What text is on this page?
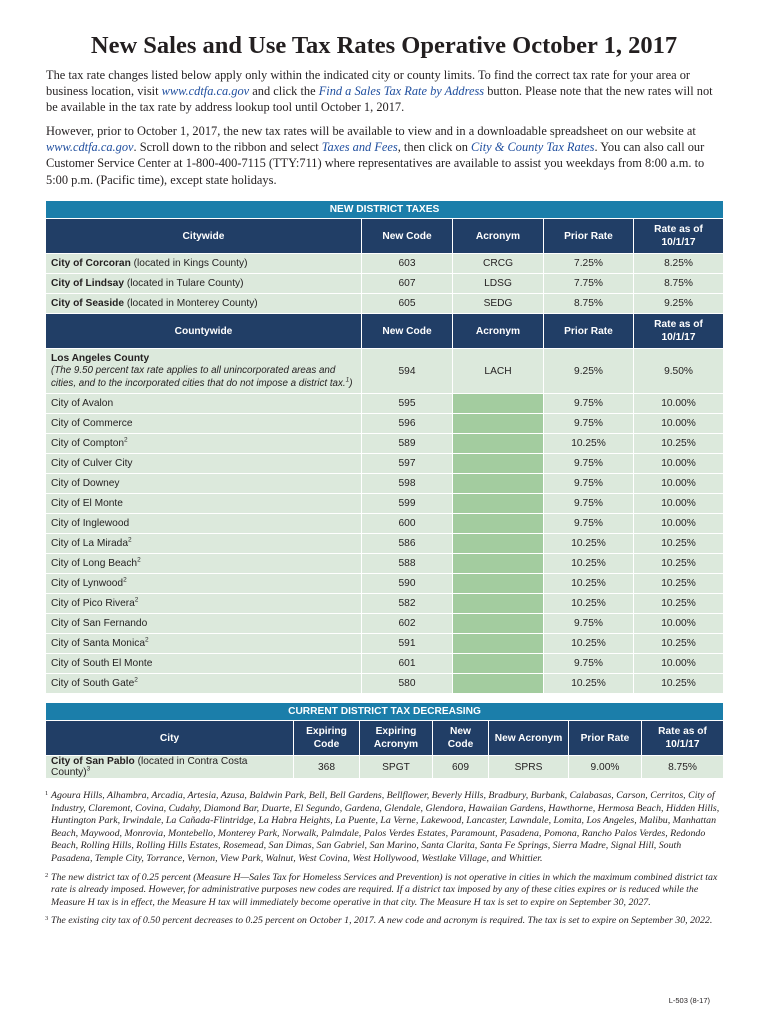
New Sales and Use Tax Rates Operative October 1, 2017

The tax rate changes listed below apply only within the indicated city or county limits. To find the correct tax rate for your area or business location, visit www.cdtfa.ca.gov and click the Find a Sales Tax Rate by Address button. Please note that the new rates will not be available in the tax rate by address lookup tool until October 1, 2017.

However, prior to October 1, 2017, the new tax rates will be available to view and in a downloadable spreadsheet on our website at www.cdtfa.ca.gov. Scroll down to the ribbon and select Taxes and Fees, then click on City & County Tax Rates. You can also call our Customer Service Center at 1-800-400-7115 (TTY:711) where representatives are available to assist you weekdays from 8:00 a.m. to 5:00 p.m. (Pacific time), except state holidays.

NEW DISTRICT TAXES				
Citywide	New Code	Acronym	Prior Rate	Rate as of 10/1/17
City of Corcoran (located in Kings County)	603	CRCG	7.25%	8.25%
City of Lindsay (located in Tulare County)	607	LDSG	7.75%	8.75%
City of Seaside (located in Monterey County)	605	SEDG	8.75%	9.25%
Countywide	New Code	Acronym	Prior Rate	Rate as of 10/1/17

Los Angeles County
(The 9.50 percent tax rate applies to all unincorporated areas and cities, and to the incorporated cities that do not impose a district tax.$^1$)	594	LACH	9.25%	9.50%
City of Avalon	595		9.75%	10.00%
City of Commerce	596		9.75%	10.00%
City of Compton$^2$	589		10.25%	10.25%
City of Culver City	597		9.75%	10.00%
City of Downey	598		9.75%	10.00%
City of El Monte	599		9.75%	10.00%
City of Inglewood	600		9.75%	10.00%
City of La Mirada$^2$	586		10.25%	10.25%
City of Long Beach$^2$	588		10.25%	10.25%
City of Lynwood$^2$	590		10.25%	10.25%
City of Pico Rivera$^2$	582		10.25%	10.25%
City of San Fernando	602		9.75%	10.00%
City of Santa Monica$^2$	591		10.25%	10.25%
City of South El Monte	601		9.75%	10.00%
City of South Gate$^2$	580		10.25%	10.25%
CURRENT DISTRICT TAX DECREASING						
City	Expiring Code	Expiring Acronym	New Code	New Acronym	Prior Rate	Rate as of 10/1/17
City of San Pablo (located in Contra Costa County)$^3$	368	SPGT	609	SPRS	9.00%	8.75%

1 Agoura Hills, Alhambra, Arcadia, Artesia, Azusa, Baldwin Park, Bell, Bell Gardens, Bellflower, Beverly Hills, Bradbury, Burbank, Calabasas, Carson, Cerritos, City of Industry, Claremont, Covina, Cudahy, Diamond Bar, Duarte, El Segundo, Gardena, Glendale, Glendora, Hawaiian Gardens, Hawthorne, Hermosa Beach, Hidden Hills, Huntington Park, Irwindale, La Cañada-Flintridge, La Habra Heights, La Puente, La Verne, Lakewood, Lancaster, Lawndale, Lomita, Los Angeles, Malibu, Manhattan Beach, Maywood, Monrovia, Montebello, Monterey Park, Norwalk, Palmdale, Palos Verdes Estates, Paramount, Pasadena, Pomona, Rancho Palos Verdes, Redondo Beach, Rolling Hills, Rolling Hills Estates, Rosemead, San Dimas, San Gabriel, San Marino, Santa Clarita, Santa Fe Springs, Sierra Madre, Signal Hill, South Pasadena, Temple City, Torrance, Vernon, View Park, Walnut, West Covina, West Hollywood, Westlake Village, and Whittier.

2 The new district tax of 0.25 percent (Measure H—Sales Tax for Homeless Services and Prevention) is not operative in cities in which the maximum combined district tax rate is already imposed. However, for administrative purposes new codes are required. If a district tax imposed by any of these cities expires or is reduced while the Measure H tax is in effect, the Measure H tax will immediately become operative in that city. The Measure H tax is set to expire on September 30, 2027.

3 The existing city tax of 0.50 percent decreases to 0.25 percent on October 1, 2017. A new code and acronym is required. The tax is set to expire on September 30, 2022.

L-503 (8-17)
